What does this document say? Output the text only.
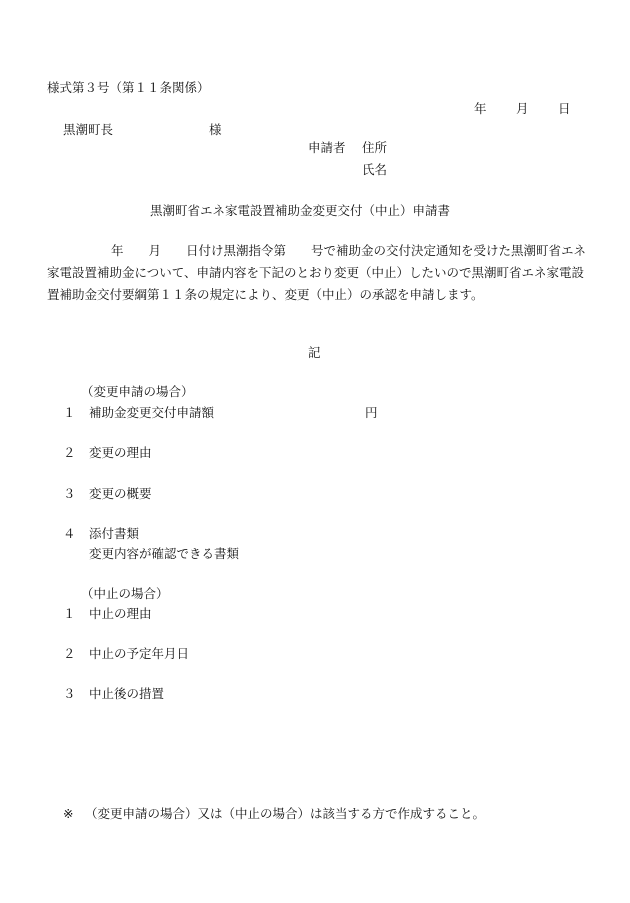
様式第３号（第１１条関係）
年 月 日
黒潮町長	様
申請者 住所
氏名
黒潮町省エネ家電設置補助金変更交付（中止）申請書
年　　月　　日付け黒潮指令第　　号で補助金の交付決定通知を受けた黒潮町省エネ家電設置補助金について、申請内容を下記のとおり変更（中止）したいので黒潮町省エネ家電設置補助金交付要綱第１１条の規定により、変更（中止）の承認を申請します。
記
（変更申請の場合）
１ 補助金変更交付申請額	円
２ 変更の理由
３ 変更の概要
４ 添付書類
変更内容が確認できる書類
（中止の場合）
１ 中止の理由
２ 中止の予定年月日
３ 中止後の措置
※ （変更申請の場合）又は（中止の場合）は該当する方で作成すること。
